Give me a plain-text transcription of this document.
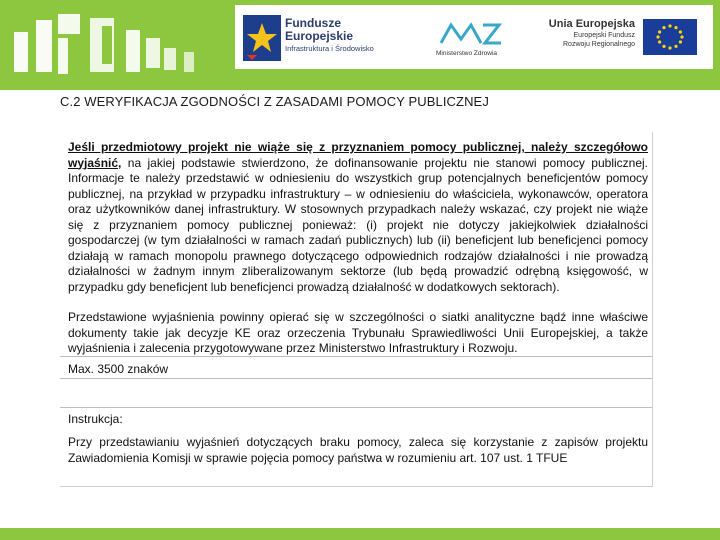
Fundusze
Europejskie
Infrastruktura i Środowisko
Ministerstwo Zdrowia
Unia Europejska
Europejski Fundusz
Rozwoju Regionalnego
C.2 WERYFIKACJA ZGODNOŚCI Z ZASADAMI POMOCY PUBLICZNEJ
Jeśli przedmiotowy projekt nie wiąże się z przyznaniem pomocy publicznej, należy szczegółowo wyjaśnić, na jakiej podstawie stwierdzono, że dofinansowanie projektu nie stanowi pomocy publicznej. Informacje te należy przedstawić w odniesieniu do wszystkich grup potencjalnych beneficjentów pomocy publicznej, na przykład w przypadku infrastruktury – w odniesieniu do właściciela, wykonawców, operatora oraz użytkowników danej infrastruktury. W stosownych przypadkach należy wskazać, czy projekt nie wiąże się z przyznaniem pomocy publicznej ponieważ: (i) projekt nie dotyczy jakiejkolwiek działalności gospodarczej (w tym działalności w ramach zadań publicznych) lub (ii) beneficjent lub beneficjenci pomocy działają w ramach monopolu prawnego dotyczącego odpowiednich rodzajów działalności i nie prowadzą działalności w żadnym innym zliberalizowanym sektorze (lub będą prowadzić odrębną księgowość, w przypadku gdy beneficjent lub beneficjenci prowadzą działalność w dodatkowych sektorach).
Przedstawione wyjaśnienia powinny opierać się w szczególności o siatki analityczne bądź inne właściwe dokumenty takie jak decyzje KE oraz orzeczenia Trybunału Sprawiedliwości Unii Europejskiej, a także wyjaśnienia i zalecenia przygotowywane przez Ministerstwo Infrastruktury i Rozwoju.
Max. 3500 znaków
Instrukcja:
Przy przedstawianiu wyjaśnień dotyczących braku pomocy, zaleca się korzystanie z zapisów projektu Zawiadomienia Komisji w sprawie pojęcia pomocy państwa w rozumieniu art. 107 ust. 1 TFUE
